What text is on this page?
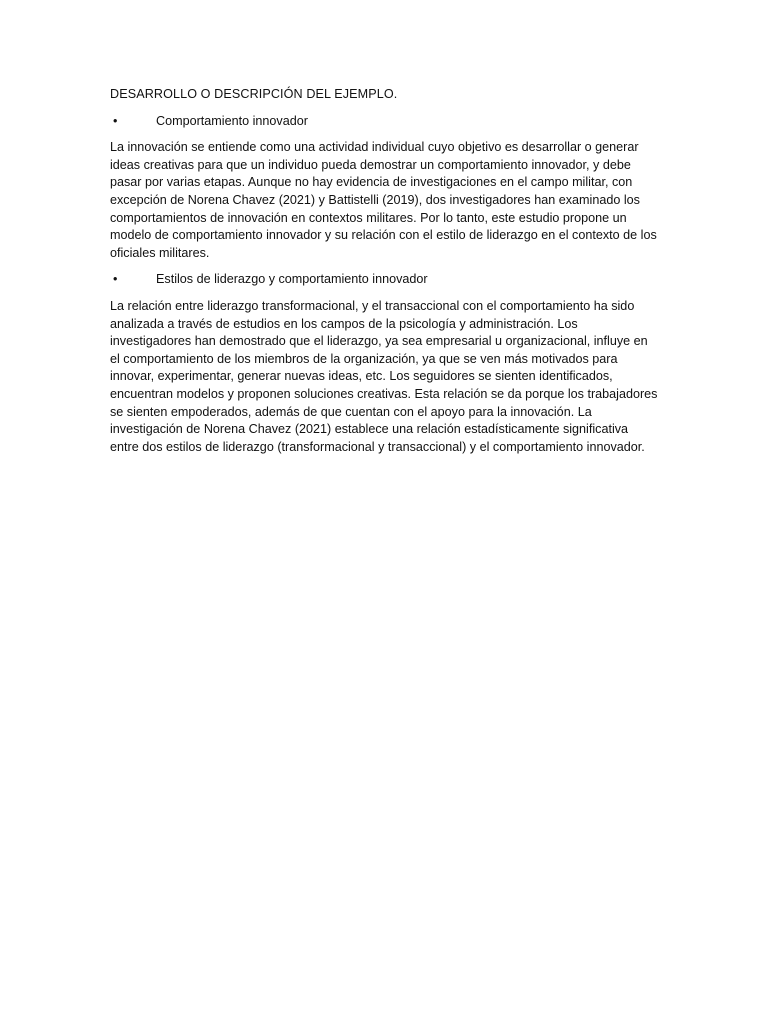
DESARROLLO O DESCRIPCIÓN DEL EJEMPLO.

•	Comportamiento innovador

La innovación se entiende como una actividad individual cuyo objetivo es desarrollar o generar ideas creativas para que un individuo pueda demostrar un comportamiento innovador, y debe pasar por varias etapas. Aunque no hay evidencia de investigaciones en el campo militar, con excepción de Norena Chavez (2021) y Battistelli (2019), dos investigadores han examinado los comportamientos de innovación en contextos militares. Por lo tanto, este estudio propone un modelo de comportamiento innovador y su relación con el estilo de liderazgo en el contexto de los oficiales militares.

•	Estilos de liderazgo y comportamiento innovador

La relación entre liderazgo transformacional, y el transaccional con el comportamiento ha sido analizada a través de estudios en los campos de la psicología y administración. Los investigadores han demostrado que el liderazgo, ya sea empresarial u organizacional, influye en el comportamiento de los miembros de la organización, ya que se ven más motivados para innovar, experimentar, generar nuevas ideas, etc. Los seguidores se sienten identificados, encuentran modelos y proponen soluciones creativas. Esta relación se da porque los trabajadores se sienten empoderados, además de que cuentan con el apoyo para la innovación. La investigación de Norena Chavez (2021) establece una relación estadísticamente significativa entre dos estilos de liderazgo (transformacional y transaccional) y el comportamiento innovador.
